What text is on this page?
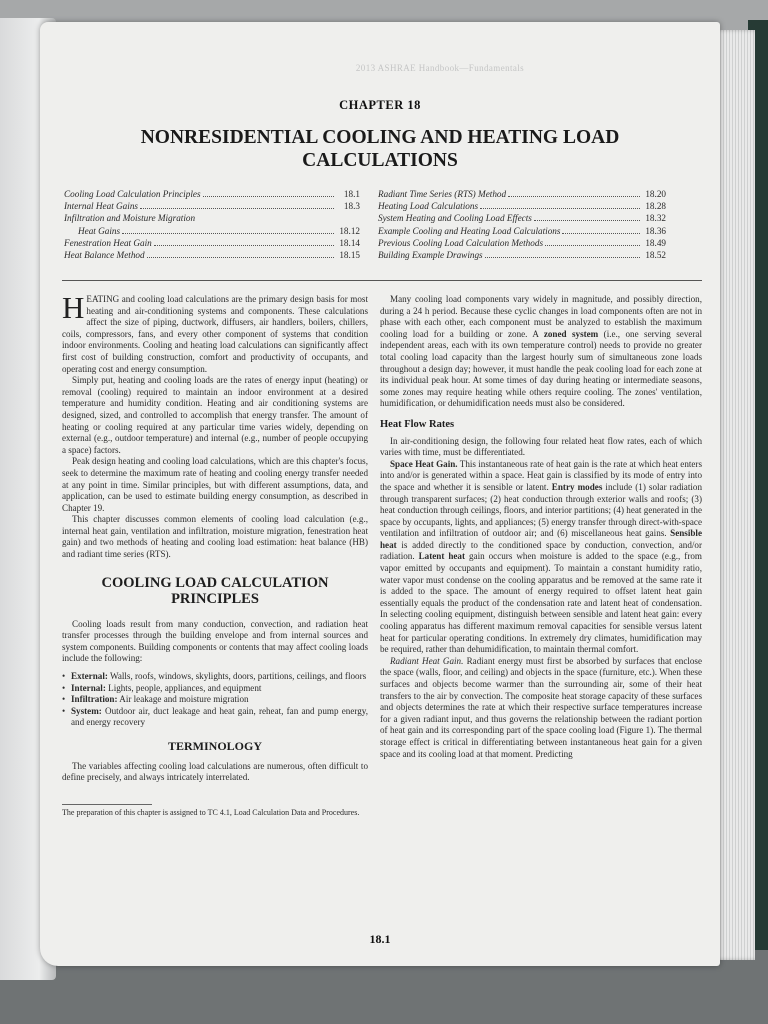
2013 ASHRAE Handbook—Fundamentals
CHAPTER 18
NONRESIDENTIAL COOLING AND HEATING LOAD CALCULATIONS
Cooling Load Calculation Principles	18.1
Internal Heat Gains	18.3
Infiltration and Moisture Migration
Heat Gains	18.12
Fenestration Heat Gain	18.14
Heat Balance Method	18.15
Radiant Time Series (RTS) Method	18.20
Heating Load Calculations	18.28
System Heating and Cooling Load Effects	18.32
Example Cooling and Heating Load Calculations	18.36
Previous Cooling Load Calculation Methods	18.49
Building Example Drawings	18.52

HEATING and cooling load calculations are the primary design basis for most heating and air-conditioning systems and components. These calculations affect the size of piping, ductwork, diffusers, air handlers, boilers, chillers, coils, compressors, fans, and every other component of systems that condition indoor environments. Cooling and heating load calculations can significantly affect first cost of building construction, comfort and productivity of occupants, and operating cost and energy consumption.

Simply put, heating and cooling loads are the rates of energy input (heating) or removal (cooling) required to maintain an indoor environment at a desired temperature and humidity condition. Heating and air conditioning systems are designed, sized, and controlled to accomplish that energy transfer. The amount of heating or cooling required at any particular time varies widely, depending on external (e.g., outdoor temperature) and internal (e.g., number of people occupying a space) factors.

Peak design heating and cooling load calculations, which are this chapter's focus, seek to determine the maximum rate of heating and cooling energy transfer needed at any point in time. Similar principles, but with different assumptions, data, and application, can be used to estimate building energy consumption, as described in Chapter 19.

This chapter discusses common elements of cooling load calculation (e.g., internal heat gain, ventilation and infiltration, moisture migration, fenestration heat gain) and two methods of heating and cooling load estimation: heat balance (HB) and radiant time series (RTS).

COOLING LOAD CALCULATION PRINCIPLES

Cooling loads result from many conduction, convection, and radiation heat transfer processes through the building envelope and from internal sources and system components. Building components or contents that may affect cooling loads include the following:

• External: Walls, roofs, windows, skylights, doors, partitions, ceilings, and floors
• Internal: Lights, people, appliances, and equipment
• Infiltration: Air leakage and moisture migration
• System: Outdoor air, duct leakage and heat gain, reheat, fan and pump energy, and energy recovery
TERMINOLOGY

The variables affecting cooling load calculations are numerous, often difficult to define precisely, and always intricately interrelated.

The preparation of this chapter is assigned to TC 4.1, Load Calculation Data and Procedures.

Many cooling load components vary widely in magnitude, and possibly direction, during a 24 h period. Because these cyclic changes in load components often are not in phase with each other, each component must be analyzed to establish the maximum cooling load for a building or zone. A zoned system (i.e., one serving several independent areas, each with its own temperature control) needs to provide no greater total cooling load capacity than the largest hourly sum of simultaneous zone loads throughout a design day; however, it must handle the peak cooling load for each zone at its individual peak hour. At some times of day during heating or intermediate seasons, some zones may require heating while others require cooling. The zones' ventilation, humidification, or dehumidification needs must also be considered.

Heat Flow Rates

In air-conditioning design, the following four related heat flow rates, each of which varies with time, must be differentiated.

Space Heat Gain. This instantaneous rate of heat gain is the rate at which heat enters into and/or is generated within a space. Heat gain is classified by its mode of entry into the space and whether it is sensible or latent. Entry modes include (1) solar radiation through transparent surfaces; (2) heat conduction through exterior walls and roofs; (3) heat conduction through ceilings, floors, and interior partitions; (4) heat generated in the space by occupants, lights, and appliances; (5) energy transfer through direct-with-space ventilation and infiltration of outdoor air; and (6) miscellaneous heat gains. Sensible heat is added directly to the conditioned space by conduction, convection, and/or radiation. Latent heat gain occurs when moisture is added to the space (e.g., from vapor emitted by occupants and equipment). To maintain a constant humidity ratio, water vapor must condense on the cooling apparatus and be removed at the same rate it is added to the space. The amount of energy required to offset latent heat gain essentially equals the product of the condensation rate and latent heat of condensation. In selecting cooling equipment, distinguish between sensible and latent heat gain: every cooling apparatus has different maximum removal capacities for sensible versus latent heat for particular operating conditions. In extremely dry climates, humidification may be required, rather than dehumidification, to maintain thermal comfort.

Radiant Heat Gain. Radiant energy must first be absorbed by surfaces that enclose the space (walls, floor, and ceiling) and objects in the space (furniture, etc.). When these surfaces and objects become warmer than the surrounding air, some of their heat transfers to the air by convection. The composite heat storage capacity of these surfaces and objects determines the rate at which their respective surface temperatures increase for a given radiant input, and thus governs the relationship between the radiant portion of heat gain and its corresponding part of the space cooling load (Figure 1). The thermal storage effect is critical in differentiating between instantaneous heat gain for a given space and its cooling load at that moment. Predicting

18.1
